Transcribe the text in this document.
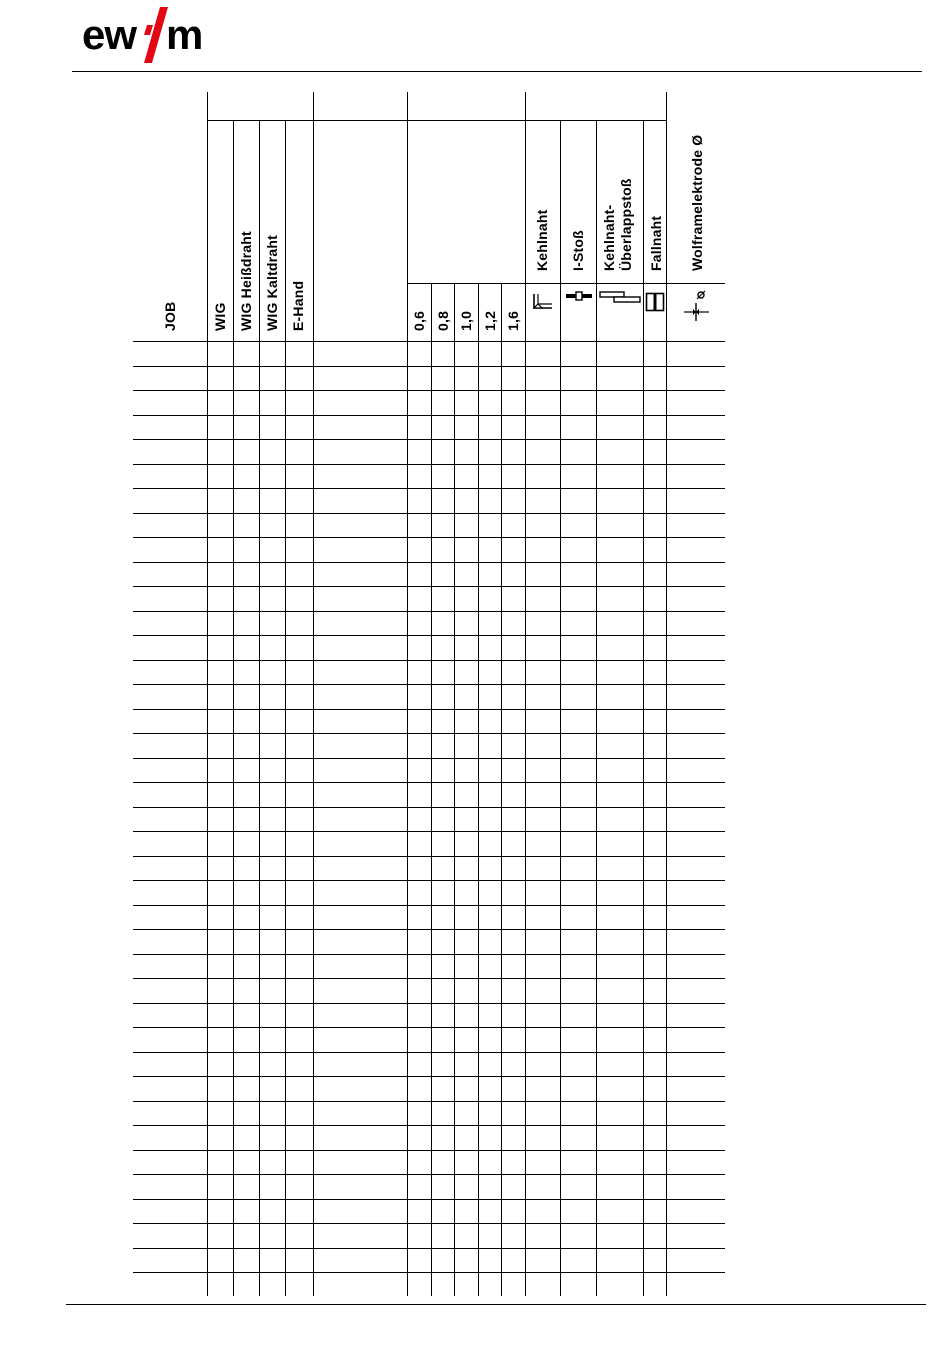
ew m
JOB WIG WIG Heißdraht WIG Kaltdraht E-Hand	0,6 0,8 1,0 1,2 1,6
Kehlnaht I-Stoß Kehlnaht- Überlappstoß Fallnaht Wolframelektrode Ø
